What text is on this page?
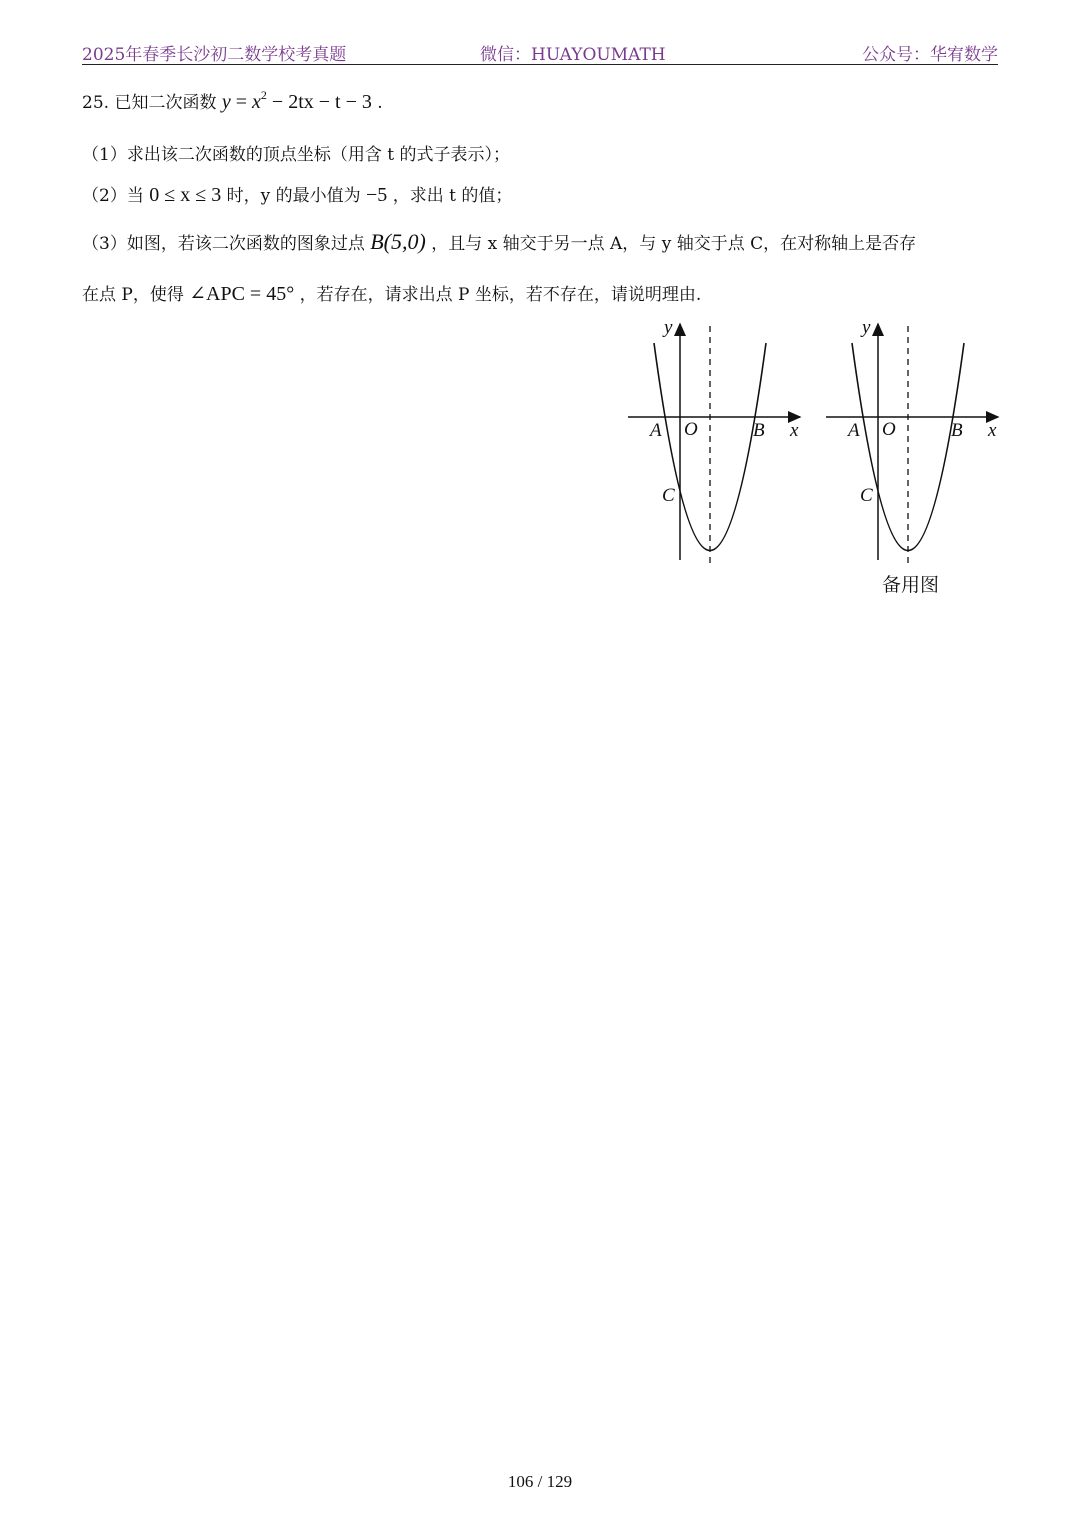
2025年春季长沙初二数学校考真题	微信：HUAYOUMATH	公众号：华宥数学
25. 已知二次函数 $y = x^2 - 2tx - t - 3$ .
（1）求出该二次函数的顶点坐标（用含 t 的式子表示）；
（2）当 0 ≤ x ≤ 3 时，y 的最小值为 −5 ，求出 t 的值；
（3）如图，若该二次函数的图象过点 B(5,0) ，且与 x 轴交于另一点 A，与 y 轴交于点 C，在对称轴上是否存
在点 P，使得 ∠APC = 45° ，若存在，请求出点 P 坐标，若不存在，请说明理由.
y
x
A O	B
C
y
x
A O	B
C
备用图
106 / 129
